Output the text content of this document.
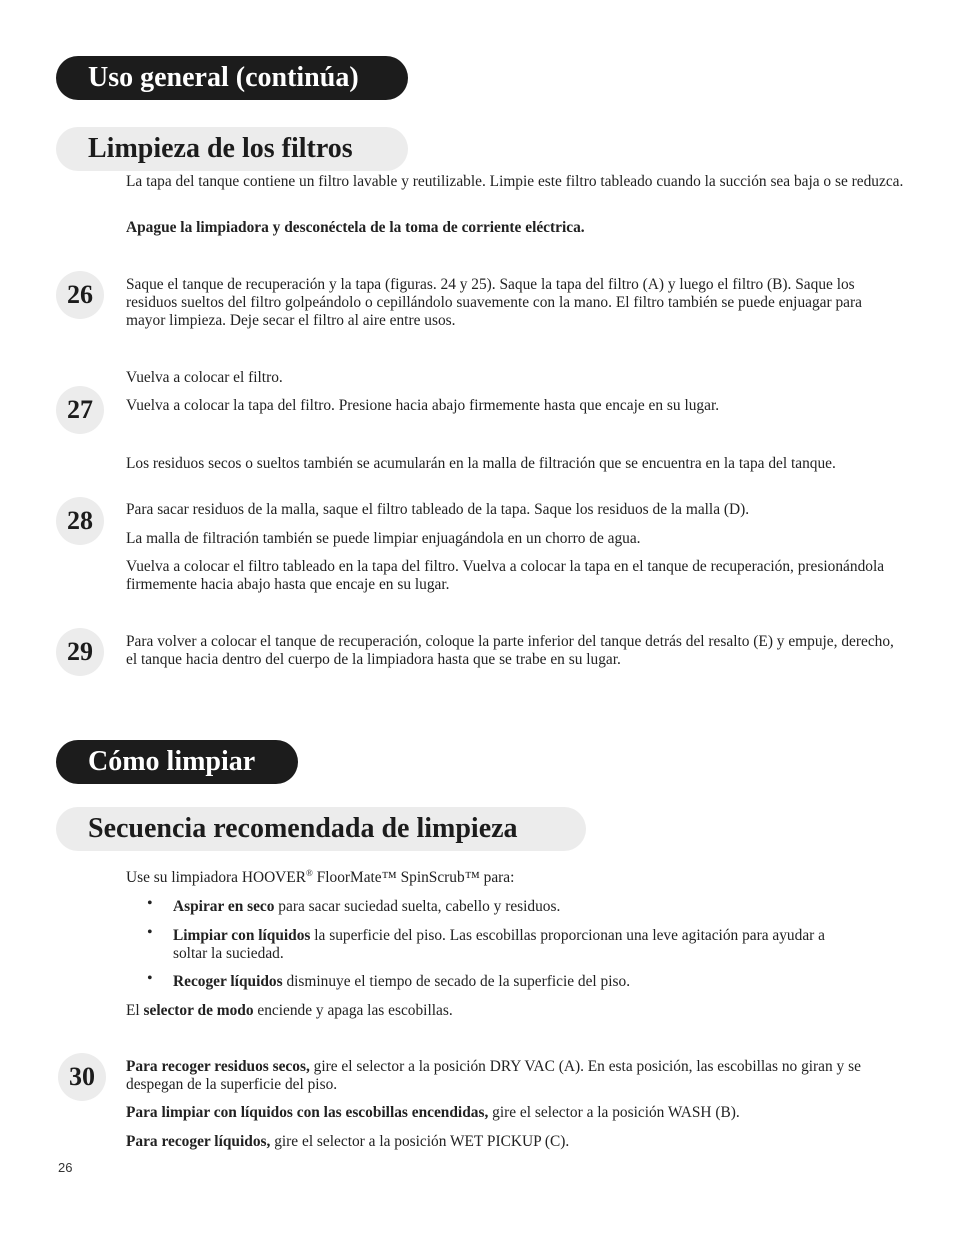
Uso general (continúa)
Limpieza de los filtros

La tapa del tanque contiene un filtro lavable y reutilizable. Limpie este filtro tableado cuando la succión sea baja o se reduzca.

Apague la limpiadora y desconéctela de la toma de corriente eléctrica.

26 Saque el tanque de recuperación y la tapa (figuras. 24 y 25). Saque la tapa del filtro (A) y luego el filtro (B). Saque los residuos sueltos del filtro golpeándolo o cepillándolo suavemente con la mano. El filtro también se puede enjuagar para mayor limpieza. Deje secar el filtro al aire entre usos.

Vuelva a colocar el filtro.

27 Vuelva a colocar la tapa del filtro. Presione hacia abajo firmemente hasta que encaje en su lugar.

Los residuos secos o sueltos también se acumularán en la malla de filtración que se encuentra en la tapa del tanque.

28 Para sacar residuos de la malla, saque el filtro tableado de la tapa. Saque los residuos de la malla (D).

La malla de filtración también se puede limpiar enjuagándola en un chorro de agua.

Vuelva a colocar el filtro tableado en la tapa del filtro. Vuelva a colocar la tapa en el tanque de recuperación, presionándola firmemente hacia abajo hasta que encaje en su lugar.

29 Para volver a colocar el tanque de recuperación, coloque la parte inferior del tanque detrás del resalto (E) y empuje, derecho, el tanque hacia dentro del cuerpo de la limpiadora hasta que se trabe en su lugar.

Cómo limpiar
Secuencia recomendada de limpieza

Use su limpiadora HOOVER® FloorMate™ SpinScrub™ para:

• Aspirar en seco para sacar suciedad suelta, cabello y residuos.

• Limpiar con líquidos la superficie del piso. Las escobillas proporcionan una leve agitación para ayudar a soltar la suciedad.

• Recoger líquidos disminuye el tiempo de secado de la superficie del piso.

El selector de modo enciende y apaga las escobillas.

30 Para recoger residuos secos, gire el selector a la posición DRY VAC (A). En esta posición, las escobillas no giran y se despegan de la superficie del piso.

Para limpiar con líquidos con las escobillas encendidas, gire el selector a la posición WASH (B).

Para recoger líquidos, gire el selector a la posición WET PICKUP (C).

26
